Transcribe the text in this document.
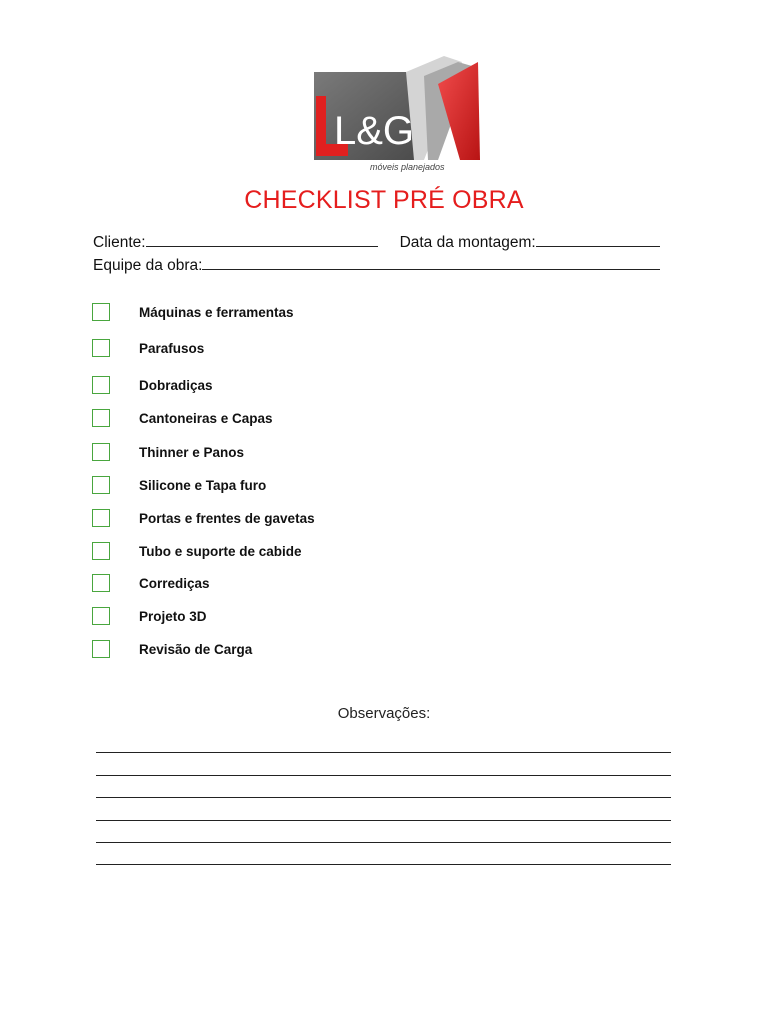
L&G
móveis planejados
CHECKLIST PRÉ OBRA
Cliente:	Data da montagem:
Equipe da obra:
Máquinas e ferramentas
Parafusos
Dobradiças
Cantoneiras e Capas
Thinner e Panos
Silicone e Tapa furo
Portas e frentes de gavetas
Tubo e suporte de cabide
Corrediças
Projeto 3D
Revisão de Carga
Observações:
